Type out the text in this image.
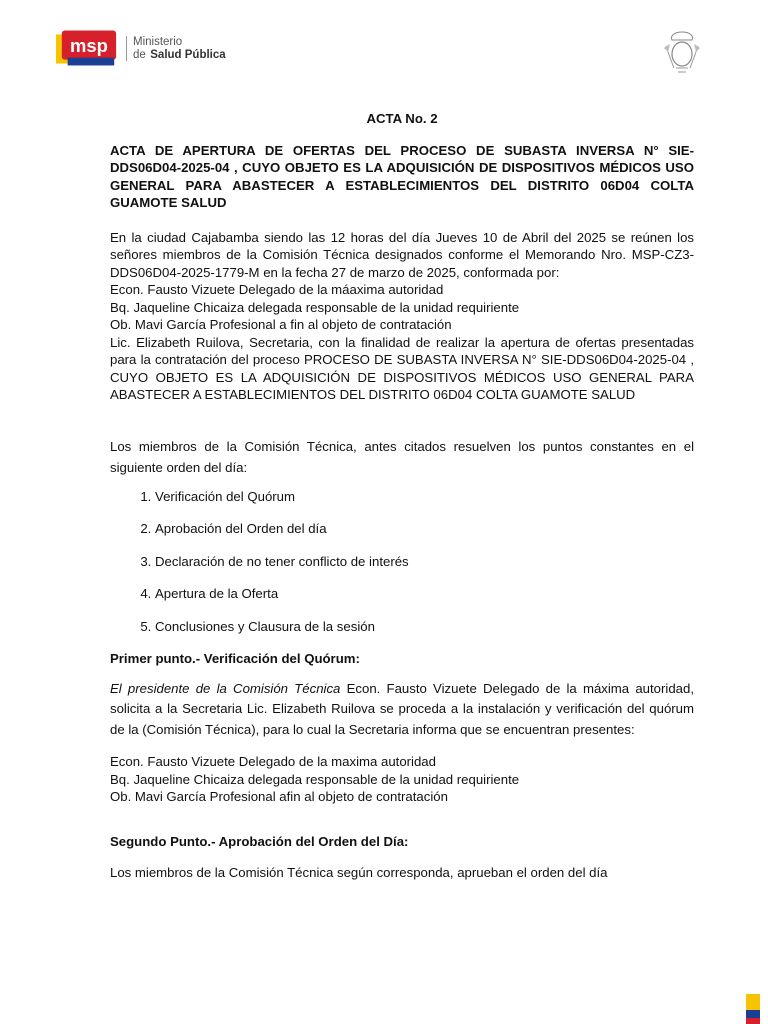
msp Ministerio
de Salud Pública

ACTA No. 2

ACTA DE APERTURA DE OFERTAS DEL PROCESO DE SUBASTA INVERSA N° SIE-DDS06D04-2025-04 , CUYO OBJETO ES LA ADQUISICIÓN DE DISPOSITIVOS MÉDICOS USO GENERAL PARA ABASTECER A ESTABLECIMIENTOS DEL DISTRITO 06D04 COLTA GUAMOTE SALUD

En la ciudad Cajabamba siendo las 12 horas del día Jueves 10 de Abril del 2025 se reúnen los señores miembros de la Comisión Técnica designados conforme el Memorando Nro. MSP-CZ3-DDS06D04-2025-1779-M en la fecha 27 de marzo de 2025, conformada por:

Econ. Fausto Vizuete Delegado de la máaxima autoridad

Bq. Jaqueline Chicaiza delegada responsable de la unidad requiriente

Ob. Mavi García Profesional a fin al objeto de contratación

Lic. Elizabeth Ruilova, Secretaria, con la finalidad de realizar la apertura de ofertas presentadas para la contratación del proceso PROCESO DE SUBASTA INVERSA N° SIE-DDS06D04-2025-04 , CUYO OBJETO ES LA ADQUISICIÓN DE DISPOSITIVOS MÉDICOS USO GENERAL PARA ABASTECER A ESTABLECIMIENTOS DEL DISTRITO 06D04 COLTA GUAMOTE SALUD

Los miembros de la Comisión Técnica, antes citados resuelven los puntos constantes en el siguiente orden del día:

1. Verificación del Quórum
2. Aprobación del Orden del día
3. Declaración de no tener conflicto de interés
4. Apertura de la Oferta
5. Conclusiones y Clausura de la sesión

Primer punto.- Verificación del Quórum:

El presidente de la Comisión Técnica Econ. Fausto Vizuete Delegado de la máxima autoridad, solicita a la Secretaria Lic. Elizabeth Ruilova se proceda a la instalación y verificación del quórum de la (Comisión Técnica), para lo cual la Secretaria informa que se encuentran presentes:

Econ. Fausto Vizuete Delegado de la maxima autoridad

Bq. Jaqueline Chicaiza delegada responsable de la unidad requiriente

Ob. Mavi García Profesional afin al objeto de contratación

Segundo Punto.- Aprobación del Orden del Día:

Los miembros de la Comisión Técnica según corresponda, aprueban el orden del día
